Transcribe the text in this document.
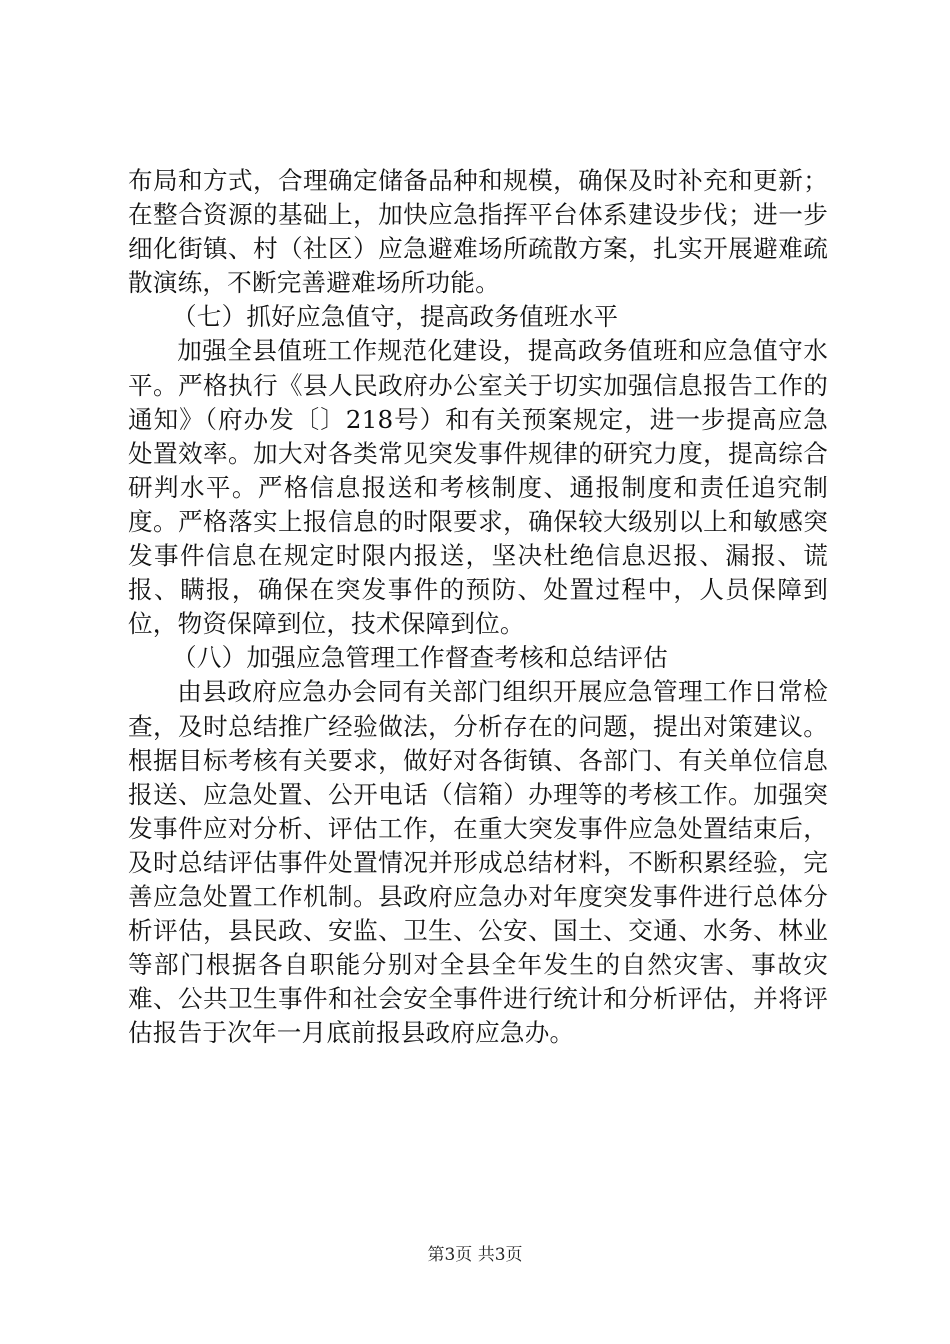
布局和方式，合理确定储备品种和规模，确保及时补充和更新；在整合资源的基础上，加快应急指挥平台体系建设步伐；进一步细化街镇、村（社区）应急避难场所疏散方案，扎实开展避难疏散演练，不断完善避难场所功能。

（七）抓好应急值守，提高政务值班水平

加强全县值班工作规范化建设，提高政务值班和应急值守水平。严格执行《县人民政府办公室关于切实加强信息报告工作的通知》（府办发〔〕218号）和有关预案规定，进一步提高应急处置效率。加大对各类常见突发事件规律的研究力度，提高综合研判水平。严格信息报送和考核制度、通报制度和责任追究制度。严格落实上报信息的时限要求，确保较大级别以上和敏感突发事件信息在规定时限内报送，坚决杜绝信息迟报、漏报、谎报、瞒报，确保在突发事件的预防、处置过程中，人员保障到位，物资保障到位，技术保障到位。

（八）加强应急管理工作督查考核和总结评估

由县政府应急办会同有关部门组织开展应急管理工作日常检查，及时总结推广经验做法，分析存在的问题，提出对策建议。根据目标考核有关要求，做好对各街镇、各部门、有关单位信息报送、应急处置、公开电话（信箱）办理等的考核工作。加强突发事件应对分析、评估工作，在重大突发事件应急处置结束后，及时总结评估事件处置情况并形成总结材料，不断积累经验，完善应急处置工作机制。县政府应急办对年度突发事件进行总体分析评估，县民政、安监、卫生、公安、国土、交通、水务、林业等部门根据各自职能分别对全县全年发生的自然灾害、事故灾难、公共卫生事件和社会安全事件进行统计和分析评估，并将评估报告于次年一月底前报县政府应急办。

第3页 共3页
